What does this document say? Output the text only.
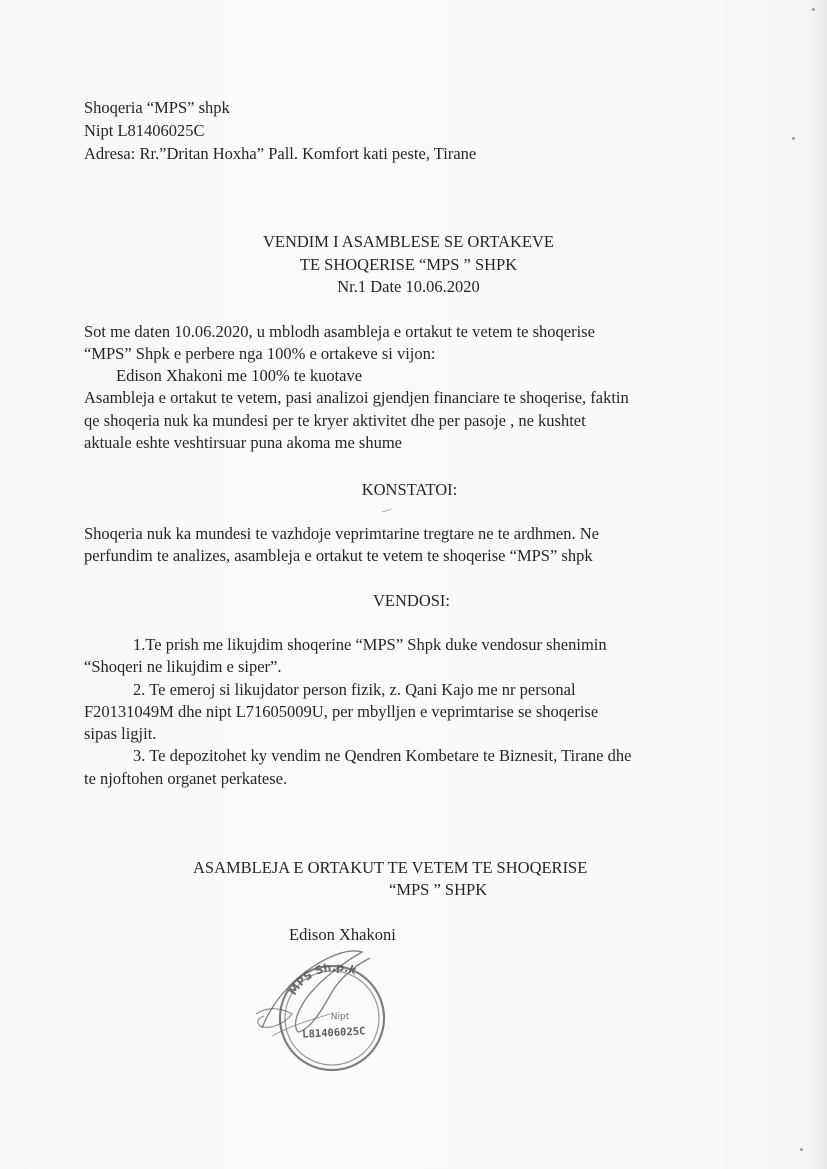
Shoqeria “MPS” shpk
Nipt L81406025C
Adresa: Rr.”Dritan Hoxha” Pall. Komfort kati peste, Tirane
VENDIM I ASAMBLESE SE ORTAKEVE
TE SHOQERISE “MPS ” SHPK
Nr.1 Date 10.06.2020
Sot me daten 10.06.2020, u mblodh asambleja e ortakut te vetem te shoqerise
“MPS” Shpk e perbere nga 100% e ortakeve si vijon:
Edison Xhakoni me 100% te kuotave
Asambleja e ortakut te vetem, pasi analizoi gjendjen financiare te shoqerise, faktin
qe shoqeria nuk ka mundesi per te kryer aktivitet dhe per pasoje , ne kushtet
aktuale eshte veshtirsuar puna akoma me shume
KONSTATOI:
Shoqeria nuk ka mundesi te vazhdoje veprimtarine tregtare ne te ardhmen. Ne
perfundim te analizes, asambleja e ortakut te vetem te shoqerise “MPS” shpk
VENDOSI:
1.Te prish me likujdim shoqerine “MPS” Shpk duke vendosur shenimin
“Shoqeri ne likujdim e siper”.
2. Te emeroj si likujdator person fizik, z. Qani Kajo me nr personal
F20131049M dhe nipt L71605009U, per mbylljen e veprimtarise se shoqerise
sipas ligjit.
3. Te depozitohet ky vendim ne Qendren Kombetare te Biznesit, Tirane dhe
te njoftohen organet perkatese.
ASAMBLEJA E ORTAKUT TE VETEM TE SHOQERISE
“MPS ” SHPK
Edison Xhakoni
MPS Sh.p.k
Nipt
L81406025C
